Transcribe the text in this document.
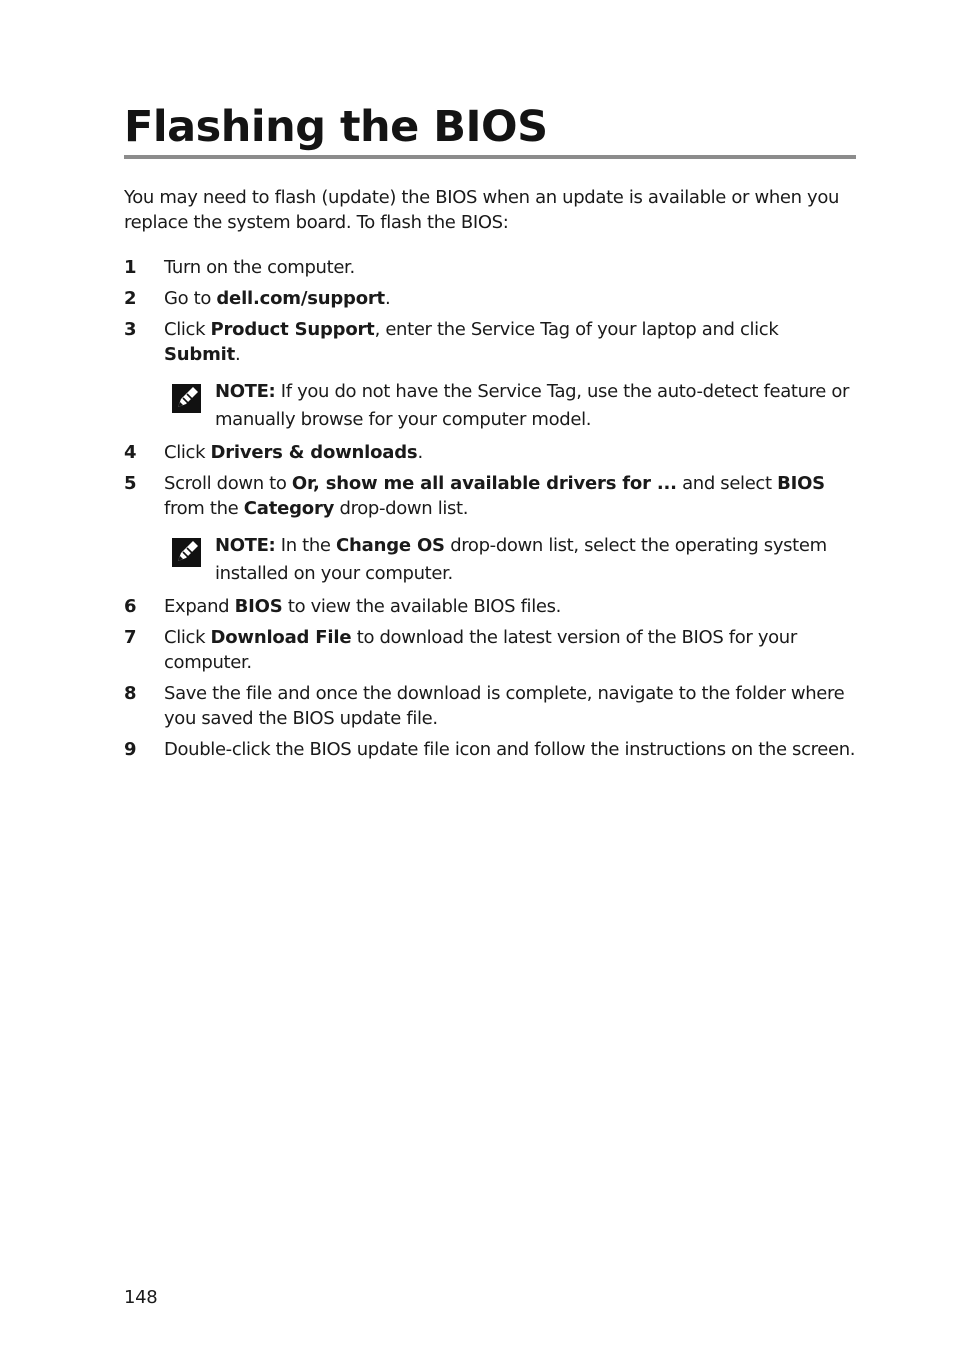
Flashing the BIOS

You may need to flash (update) the BIOS when an update is available or when you replace the system board. To flash the BIOS:

1	Turn on the computer.
2	Go to dell.com/support.
3	Click Product Support, enter the Service Tag of your laptop and click Submit.
NOTE: If you do not have the Service Tag, use the auto-detect feature or manually browse for your computer model.
4	Click Drivers & downloads.
5	Scroll down to Or, show me all available drivers for ... and select BIOS from the Category drop-down list.
NOTE: In the Change OS drop-down list, select the operating system installed on your computer.
6	Expand BIOS to view the available BIOS files.
7	Click Download File to download the latest version of the BIOS for your computer.
8	Save the file and once the download is complete, navigate to the folder where you saved the BIOS update file.
9	Double-click the BIOS update file icon and follow the instructions on the screen.
148
